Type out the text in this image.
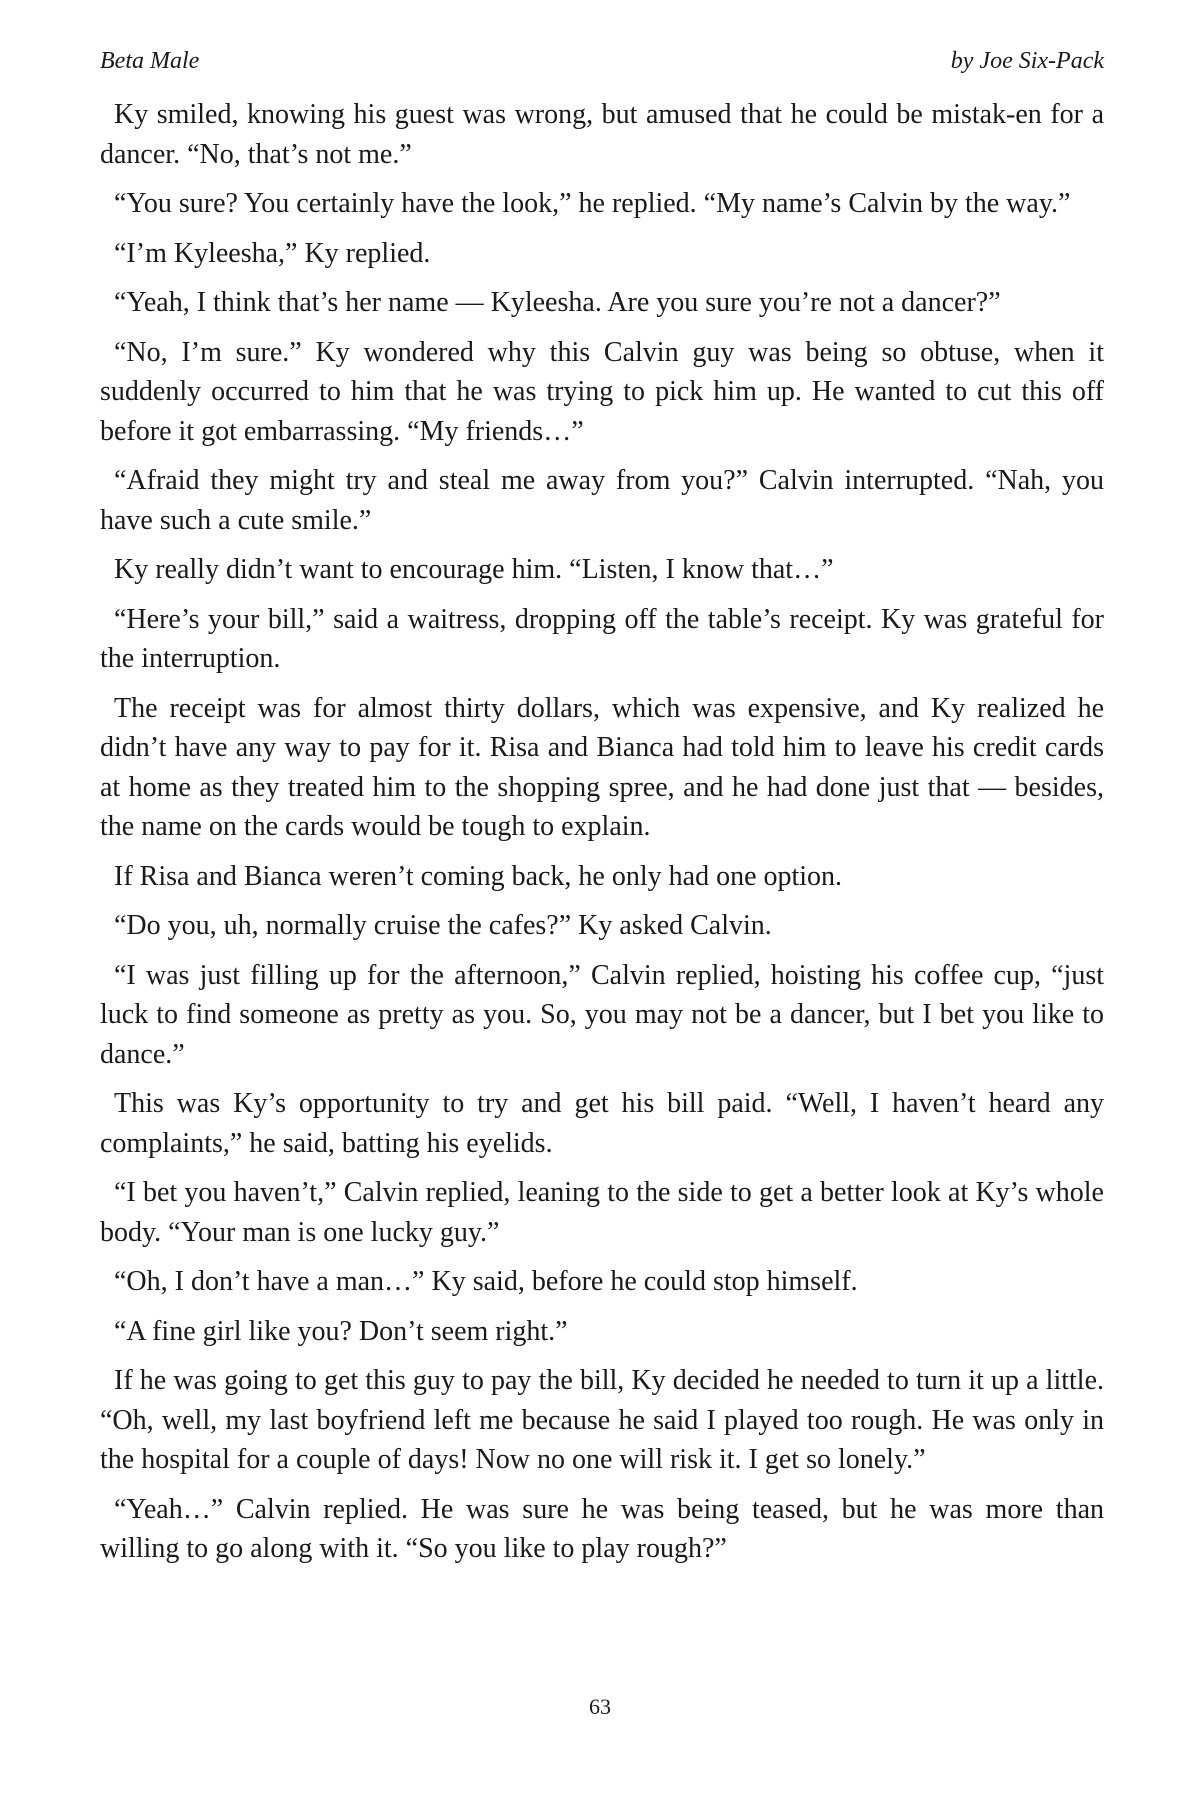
Beta Male	by Joe Six-Pack

Ky smiled, knowing his guest was wrong, but amused that he could be mistak-en for a dancer. “No, that’s not me.”

“You sure? You certainly have the look,” he replied. “My name’s Calvin by the way.”

“I’m Kyleesha,” Ky replied.

“Yeah, I think that’s her name — Kyleesha. Are you sure you’re not a dancer?”

“No, I’m sure.” Ky wondered why this Calvin guy was being so obtuse, when it suddenly occurred to him that he was trying to pick him up. He wanted to cut this off before it got embarrassing. “My friends…”

“Afraid they might try and steal me away from you?” Calvin interrupted. “Nah, you have such a cute smile.”

Ky really didn’t want to encourage him. “Listen, I know that…”

“Here’s your bill,” said a waitress, dropping off the table’s receipt. Ky was grateful for the interruption.

The receipt was for almost thirty dollars, which was expensive, and Ky realized he didn’t have any way to pay for it. Risa and Bianca had told him to leave his credit cards at home as they treated him to the shopping spree, and he had done just that — besides, the name on the cards would be tough to explain.

If Risa and Bianca weren’t coming back, he only had one option.

“Do you, uh, normally cruise the cafes?” Ky asked Calvin.

“I was just filling up for the afternoon,” Calvin replied, hoisting his coffee cup, “just luck to find someone as pretty as you. So, you may not be a dancer, but I bet you like to dance.”

This was Ky’s opportunity to try and get his bill paid. “Well, I haven’t heard any complaints,” he said, batting his eyelids.

“I bet you haven’t,” Calvin replied, leaning to the side to get a better look at Ky’s whole body. “Your man is one lucky guy.”

“Oh, I don’t have a man…” Ky said, before he could stop himself.

“A fine girl like you? Don’t seem right.”

If he was going to get this guy to pay the bill, Ky decided he needed to turn it up a little. “Oh, well, my last boyfriend left me because he said I played too rough. He was only in the hospital for a couple of days! Now no one will risk it. I get so lonely.”

“Yeah…” Calvin replied. He was sure he was being teased, but he was more than willing to go along with it. “So you like to play rough?”

63
